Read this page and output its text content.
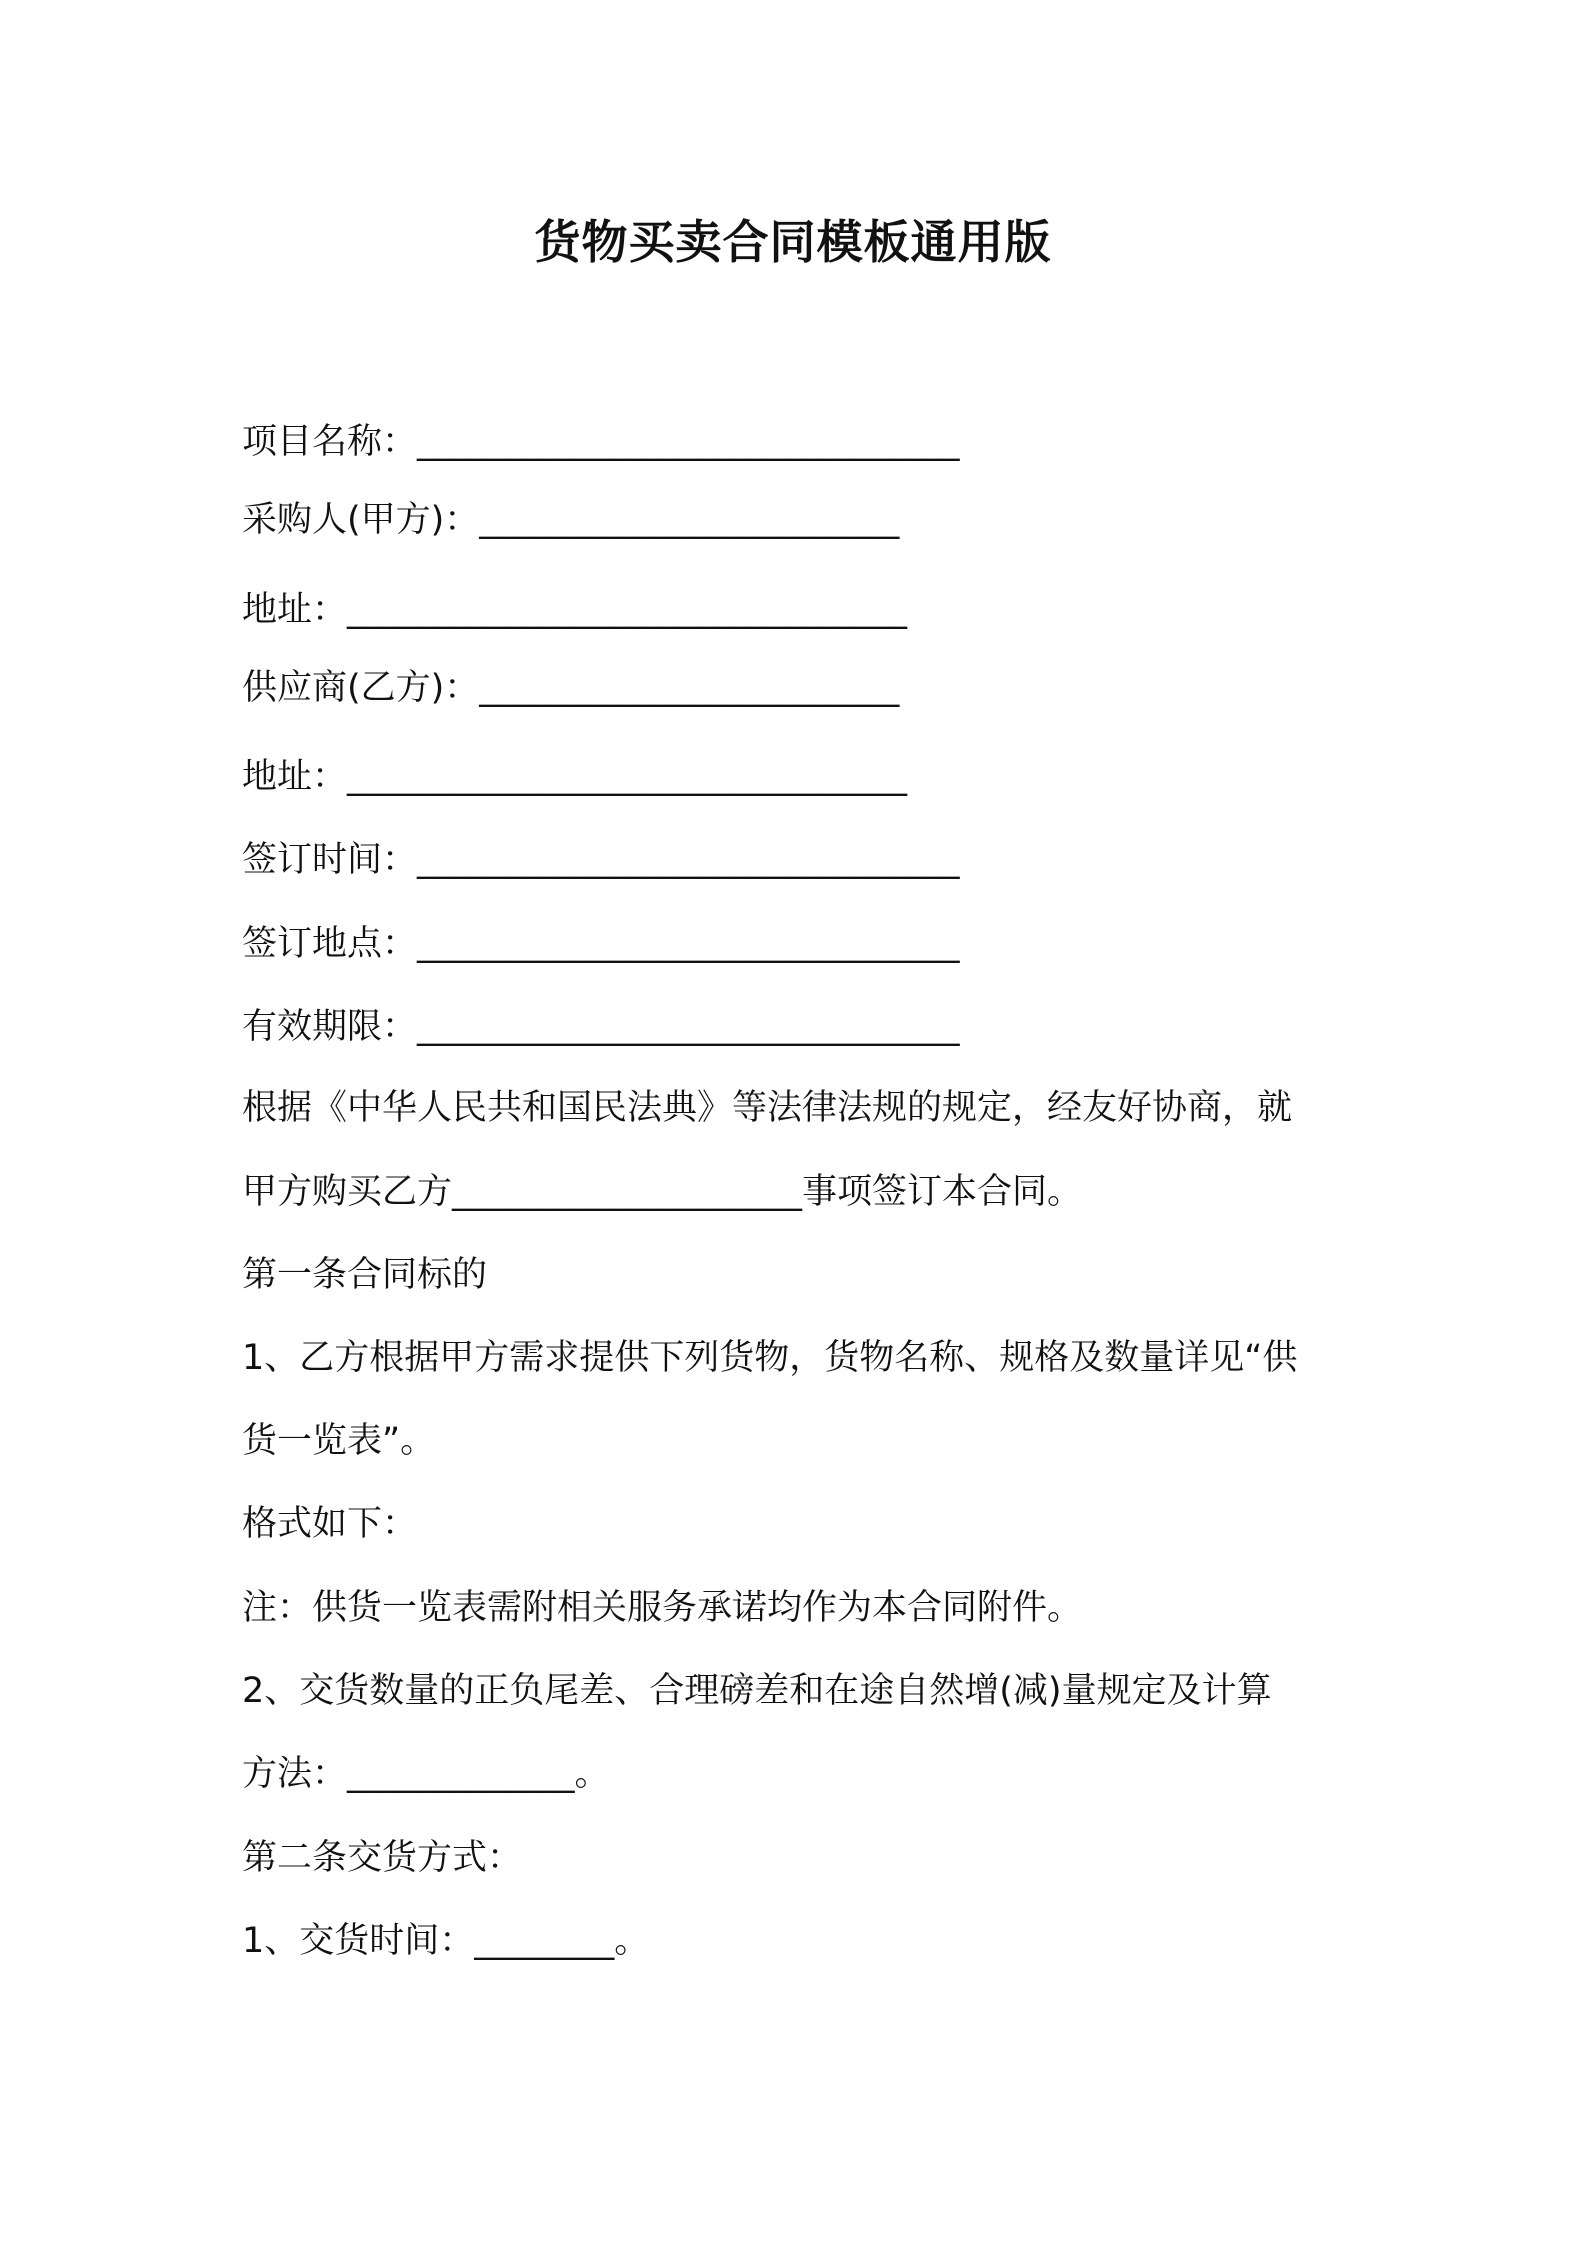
货物买卖合同模板通用版
项目名称：_______________________________
采购人(甲方)：________________________
地址：________________________________
供应商(乙方)：________________________
地址：________________________________
签订时间：_______________________________
签订地点：_______________________________
有效期限：_______________________________
根据《中华人民共和国民法典》等法律法规的规定，经友好协商，就
甲方购买乙方____________________事项签订本合同。
第一条合同标的
1、乙方根据甲方需求提供下列货物，货物名称、规格及数量详见“供
货一览表”。
格式如下：
注：供货一览表需附相关服务承诺均作为本合同附件。
2、交货数量的正负尾差、合理磅差和在途自然增(减)量规定及计算
方法：_____________。
第二条交货方式：
1、交货时间：________。
